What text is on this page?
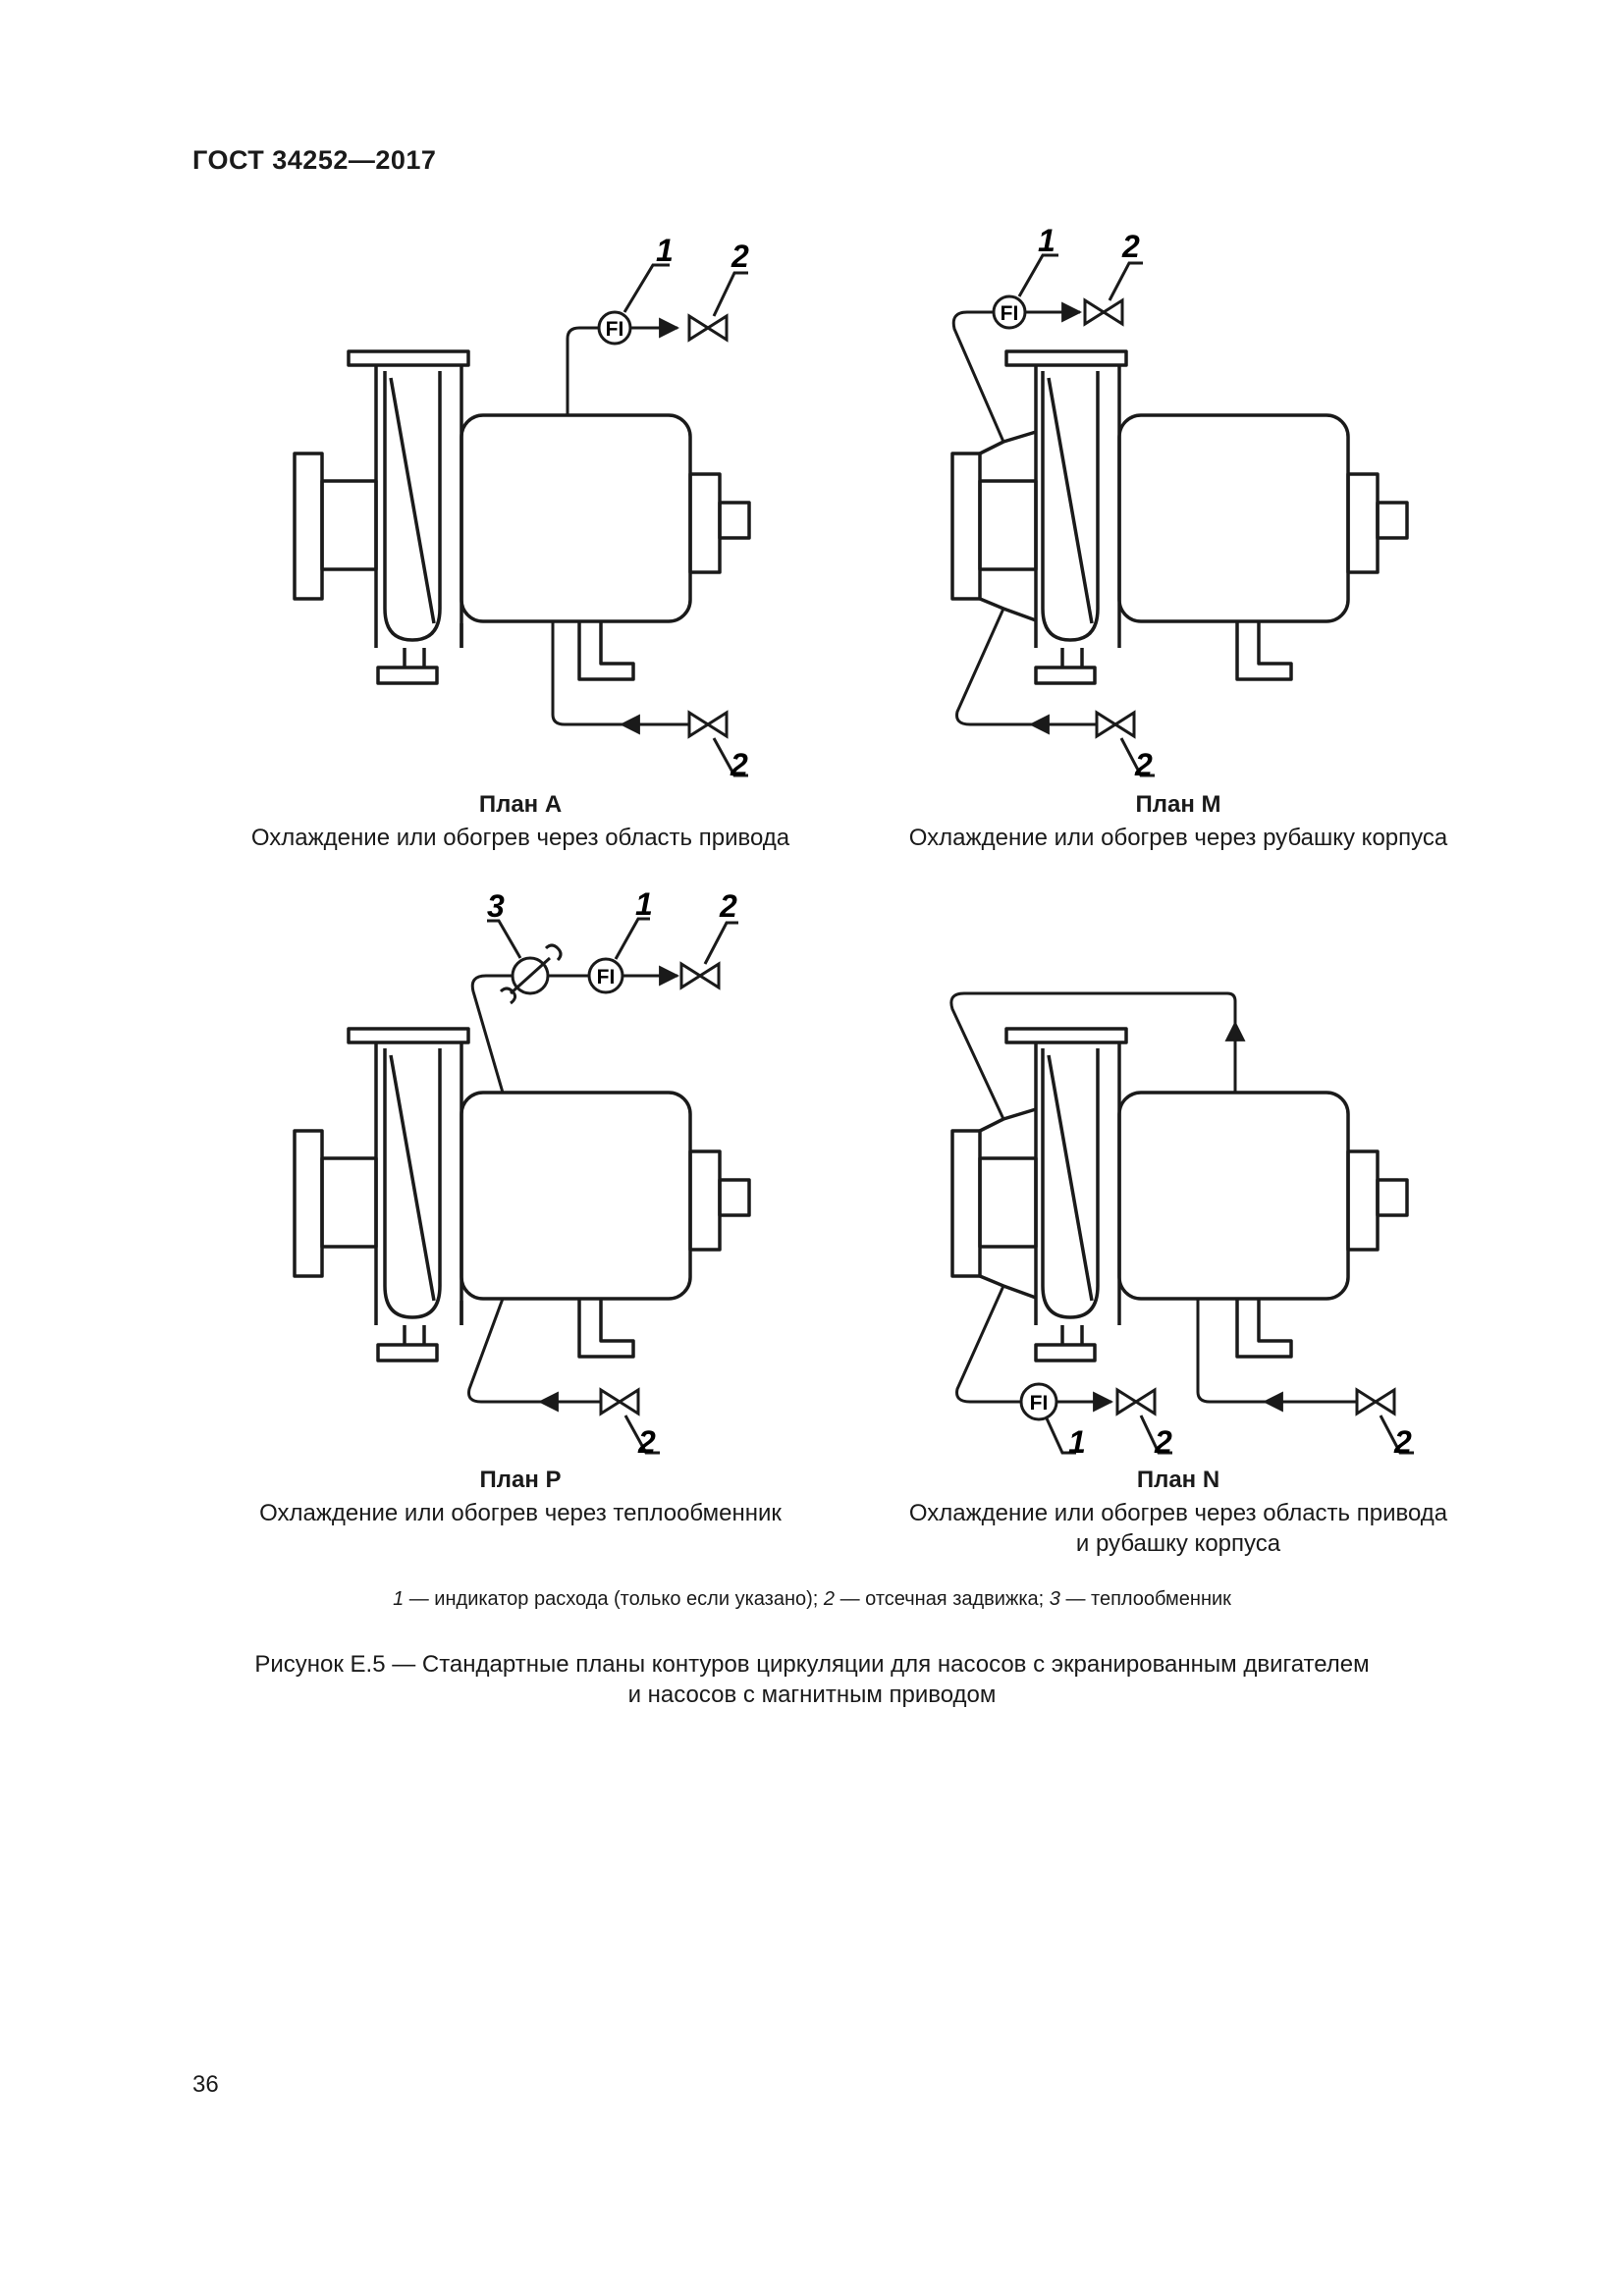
ГОСТ 34252—2017
FI
1 2
2
FI
1 2
2
FI
3	1 2
2
FI
1 2	2
План А
Охлаждение или обогрев через область привода
План М
Охлаждение или обогрев через рубашку корпуса
План Р
Охлаждение или обогрев через теплообменник
План N
Охлаждение или обогрев через область привода
и рубашку корпуса
1 — индикатор расхода (только если указано); 2 — отсечная задвижка; 3 — теплообменник
Рисунок Е.5 — Стандартные планы контуров циркуляции для насосов с экранированным двигателем
и насосов с магнитным приводом
36
